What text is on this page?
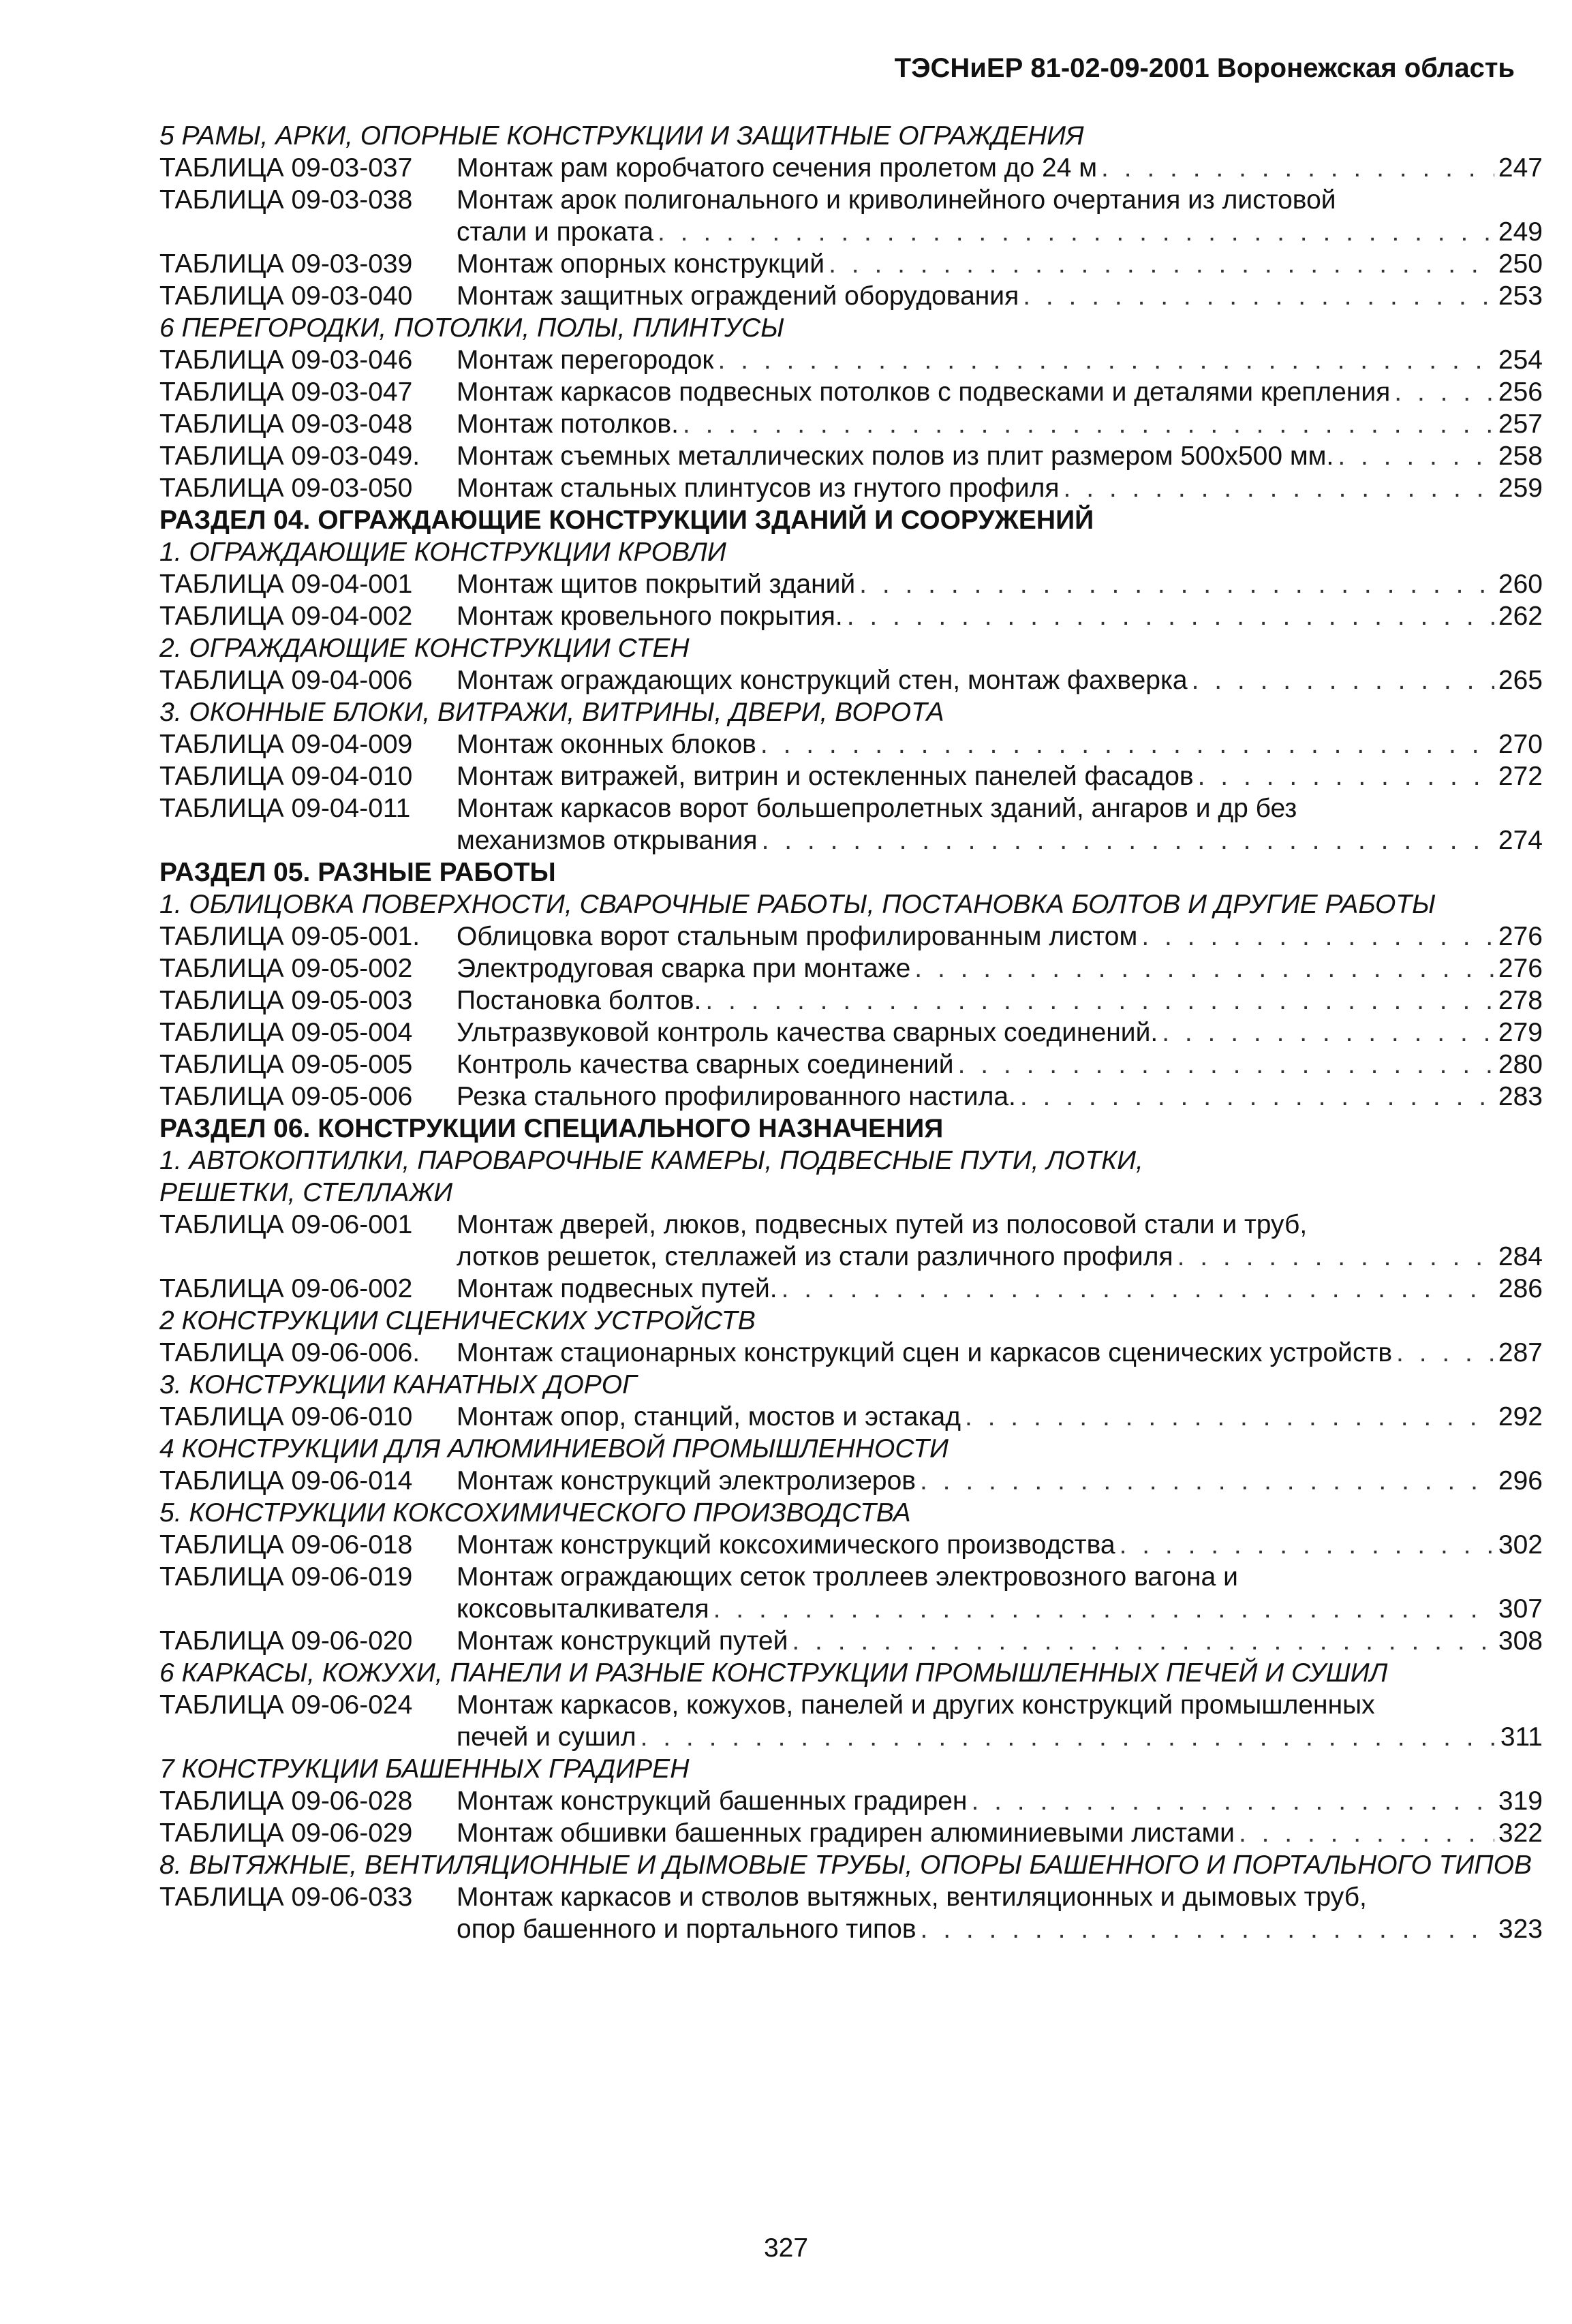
ТЭСНиЕР 81-02-09-2001 Воронежская область
5 РАМЫ, АРКИ, ОПОРНЫЕ КОНСТРУКЦИИ И ЗАЩИТНЫЕ ОГРАЖДЕНИЯ
ТАБЛИЦА 09-03-037	Монтаж рам коробчатого сечения пролетом до 24 м . . .	247
ТАБЛИЦА 09-03-038	Монтаж арок полигонального и криволинейного очертания из листовой
стали и проката . . .	249
ТАБЛИЦА 09-03-039	Монтаж опорных конструкций . . .	250
ТАБЛИЦА 09-03-040	Монтаж защитных ограждений оборудования . . .	253
6 ПЕРЕГОРОДКИ, ПОТОЛКИ, ПОЛЫ, ПЛИНТУСЫ
ТАБЛИЦА 09-03-046	Монтаж перегородок . . .	254
ТАБЛИЦА 09-03-047	Монтаж каркасов подвесных потолков с подвесками и деталями крепления . . .	256
ТАБЛИЦА 09-03-048	Монтаж потолков. . . .	257
ТАБЛИЦА 09-03-049.	Монтаж съемных металлических полов из плит размером 500x500 мм. . . .	258
ТАБЛИЦА 09-03-050	Монтаж стальных плинтусов из гнутого профиля . . .	259
РАЗДЕЛ 04. ОГРАЖДАЮЩИЕ КОНСТРУКЦИИ ЗДАНИЙ И СООРУЖЕНИЙ
1. ОГРАЖДАЮЩИЕ КОНСТРУКЦИИ КРОВЛИ
ТАБЛИЦА 09-04-001	Монтаж щитов покрытий зданий . . .	260
ТАБЛИЦА 09-04-002	Монтаж кровельного покрытия. . . .	262
2. ОГРАЖДАЮЩИЕ КОНСТРУКЦИИ СТЕН
ТАБЛИЦА 09-04-006	Монтаж ограждающих конструкций стен, монтаж фахверка . . .	265
3. ОКОННЫЕ БЛОКИ, ВИТРАЖИ, ВИТРИНЫ, ДВЕРИ, ВОРОТА
ТАБЛИЦА 09-04-009	Монтаж оконных блоков . . .	270
ТАБЛИЦА 09-04-010	Монтаж витражей, витрин и остекленных панелей фасадов . . .	272
ТАБЛИЦА 09-04-011	Монтаж каркасов ворот большепролетных зданий, ангаров и др без
механизмов открывания . . .	274
РАЗДЕЛ 05. РАЗНЫЕ РАБОТЫ
1. ОБЛИЦОВКА ПОВЕРХНОСТИ, СВАРОЧНЫЕ РАБОТЫ, ПОСТАНОВКА БОЛТОВ И ДРУГИЕ РАБОТЫ
ТАБЛИЦА 09-05-001.	Облицовка ворот стальным профилированным листом . . .	276
ТАБЛИЦА 09-05-002	Электродуговая сварка при монтаже . . .	276
ТАБЛИЦА 09-05-003	Постановка болтов. . . .	278
ТАБЛИЦА 09-05-004	Ультразвуковой контроль качества сварных соединений. . . .	279
ТАБЛИЦА 09-05-005	Контроль качества сварных соединений . . .	280
ТАБЛИЦА 09-05-006	Резка стального профилированного настила. . . .	283
РАЗДЕЛ 06. КОНСТРУКЦИИ СПЕЦИАЛЬНОГО НАЗНАЧЕНИЯ
1. АВТОКОПТИЛКИ, ПАРОВАРОЧНЫЕ КАМЕРЫ, ПОДВЕСНЫЕ ПУТИ, ЛОТКИ,
РЕШЕТКИ, СТЕЛЛАЖИ
ТАБЛИЦА 09-06-001	Монтаж дверей, люков, подвесных путей из полосовой стали и труб,
лотков решеток, стеллажей из стали различного профиля . . .	284
ТАБЛИЦА 09-06-002	Монтаж подвесных путей. . . .	286
2 КОНСТРУКЦИИ СЦЕНИЧЕСКИХ УСТРОЙСТВ
ТАБЛИЦА 09-06-006.	Монтаж стационарных конструкций сцен и каркасов сценических устройств . . .	287
3. КОНСТРУКЦИИ КАНАТНЫХ ДОРОГ
ТАБЛИЦА 09-06-010	Монтаж опор, станций, мостов и эстакад . . .	292
4 КОНСТРУКЦИИ ДЛЯ АЛЮМИНИЕВОЙ ПРОМЫШЛЕННОСТИ
ТАБЛИЦА 09-06-014	Монтаж конструкций электролизеров . . .	296
5. КОНСТРУКЦИИ КОКСОХИМИЧЕСКОГО ПРОИЗВОДСТВА
ТАБЛИЦА 09-06-018	Монтаж конструкций коксохимического производства . . .	302
ТАБЛИЦА 09-06-019	Монтаж ограждающих сеток троллеев электровозного вагона и
коксовыталкивателя . . .	307
ТАБЛИЦА 09-06-020	Монтаж конструкций путей . . .	308
6 КАРКАСЫ, КОЖУХИ, ПАНЕЛИ И РАЗНЫЕ КОНСТРУКЦИИ ПРОМЫШЛЕННЫХ ПЕЧЕЙ И СУШИЛ
ТАБЛИЦА 09-06-024	Монтаж каркасов, кожухов, панелей и других конструкций промышленных
печей и сушил . . .	311
7 КОНСТРУКЦИИ БАШЕННЫХ ГРАДИРЕН
ТАБЛИЦА 09-06-028	Монтаж конструкций башенных градирен . . .	319
ТАБЛИЦА 09-06-029	Монтаж обшивки башенных градирен алюминиевыми листами . . .	322
8. ВЫТЯЖНЫЕ, ВЕНТИЛЯЦИОННЫЕ И ДЫМОВЫЕ ТРУБЫ, ОПОРЫ БАШЕННОГО И ПОРТАЛЬНОГО ТИПОВ
ТАБЛИЦА 09-06-033	Монтаж каркасов и стволов вытяжных, вентиляционных и дымовых труб,
опор башенного и портального типов . . .	323
327
